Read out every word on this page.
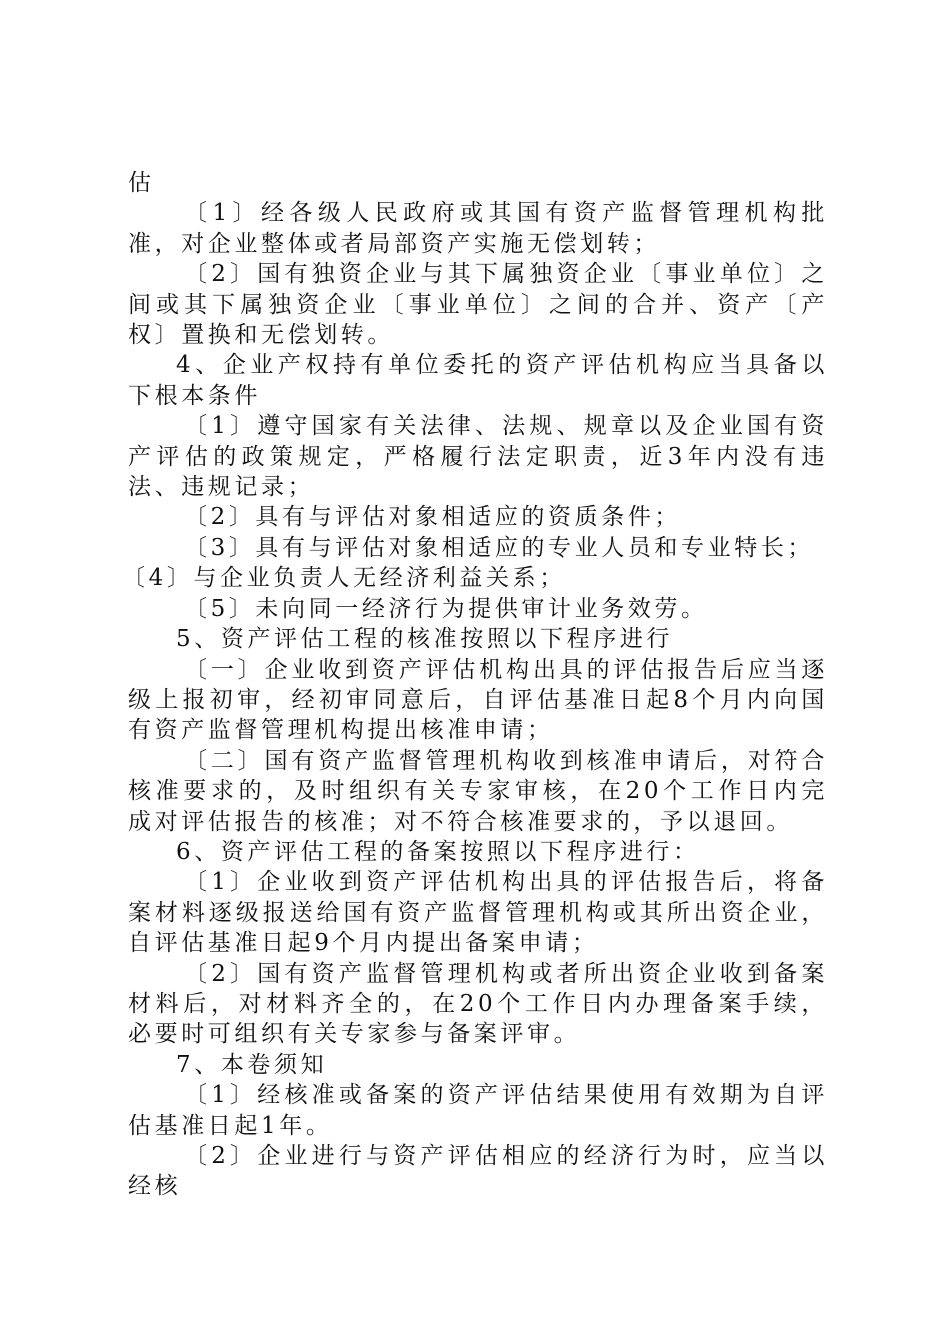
估

〔1〕经各级人民政府或其国有资产监督管理机构批准，对企业整体或者局部资产实施无偿划转；

〔2〕国有独资企业与其下属独资企业〔事业单位〕之间或其下属独资企业〔事业单位〕之间的合并、资产〔产权〕置换和无偿划转。

4、企业产权持有单位委托的资产评估机构应当具备以下根本条件

〔1〕遵守国家有关法律、法规、规章以及企业国有资产评估的政策规定，严格履行法定职责，近3年内没有违法、违规记录；

〔2〕具有与评估对象相适应的资质条件；

〔3〕具有与评估对象相适应的专业人员和专业特长；

〔4〕与企业负责人无经济利益关系；

〔5〕未向同一经济行为提供审计业务效劳。

5、资产评估工程的核准按照以下程序进行

〔一〕企业收到资产评估机构出具的评估报告后应当逐级上报初审，经初审同意后，自评估基准日起8个月内向国有资产监督管理机构提出核准申请；

〔二〕国有资产监督管理机构收到核准申请后，对符合核准要求的，及时组织有关专家审核，在20个工作日内完成对评估报告的核准；对不符合核准要求的，予以退回。

6、资产评估工程的备案按照以下程序进行：

〔1〕企业收到资产评估机构出具的评估报告后，将备案材料逐级报送给国有资产监督管理机构或其所出资企业，自评估基准日起9个月内提出备案申请；

〔2〕国有资产监督管理机构或者所出资企业收到备案材料后，对材料齐全的，在20个工作日内办理备案手续，必要时可组织有关专家参与备案评审。

7、本卷须知

〔1〕经核准或备案的资产评估结果使用有效期为自评估基准日起1年。

〔2〕企业进行与资产评估相应的经济行为时，应当以经核
